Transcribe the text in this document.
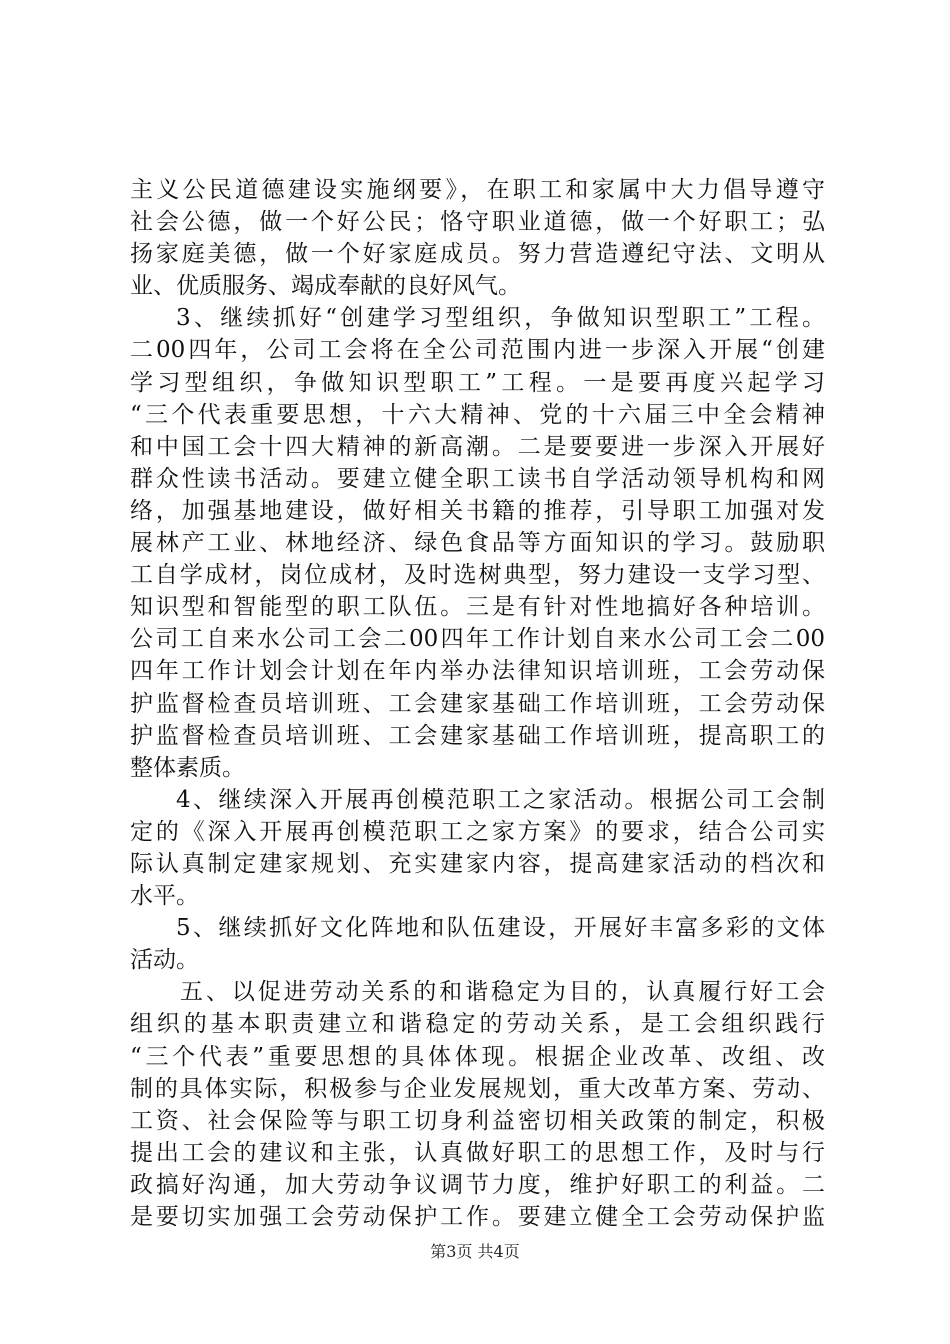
主义公民道德建设实施纲要》，在职工和家属中大力倡导遵守
社会公德，做一个好公民；恪守职业道德，做一个好职工；弘
扬家庭美德，做一个好家庭成员。努力营造遵纪守法、文明从
业、优质服务、竭成奉献的良好风气。
3、继续抓好“创建学习型组织，争做知识型职工”工程。
二00四年，公司工会将在全公司范围内进一步深入开展“创建
学习型组织，争做知识型职工”工程。一是要再度兴起学习
“三个代表重要思想，十六大精神、党的十六届三中全会精神
和中国工会十四大精神的新高潮。二是要要进一步深入开展好
群众性读书活动。要建立健全职工读书自学活动领导机构和网
络，加强基地建设，做好相关书籍的推荐，引导职工加强对发
展林产工业、林地经济、绿色食品等方面知识的学习。鼓励职
工自学成材，岗位成材，及时选树典型，努力建设一支学习型、
知识型和智能型的职工队伍。三是有针对性地搞好各种培训。
公司工自来水公司工会二00四年工作计划自来水公司工会二00
四年工作计划会计划在年内举办法律知识培训班，工会劳动保
护监督检查员培训班、工会建家基础工作培训班，工会劳动保
护监督检查员培训班、工会建家基础工作培训班，提高职工的
整体素质。
4、继续深入开展再创模范职工之家活动。根据公司工会制
定的《深入开展再创模范职工之家方案》的要求，结合公司实
际认真制定建家规划、充实建家内容，提高建家活动的档次和
水平。
5、继续抓好文化阵地和队伍建设，开展好丰富多彩的文体
活动。
五、以促进劳动关系的和谐稳定为目的，认真履行好工会
组织的基本职责建立和谐稳定的劳动关系，是工会组织践行
“三个代表”重要思想的具体体现。根据企业改革、改组、改
制的具体实际，积极参与企业发展规划，重大改革方案、劳动、
工资、社会保险等与职工切身利益密切相关政策的制定，积极
提出工会的建议和主张，认真做好职工的思想工作，及时与行
政搞好沟通，加大劳动争议调节力度，维护好职工的利益。二
是要切实加强工会劳动保护工作。要建立健全工会劳动保护监
第3页 共4页
